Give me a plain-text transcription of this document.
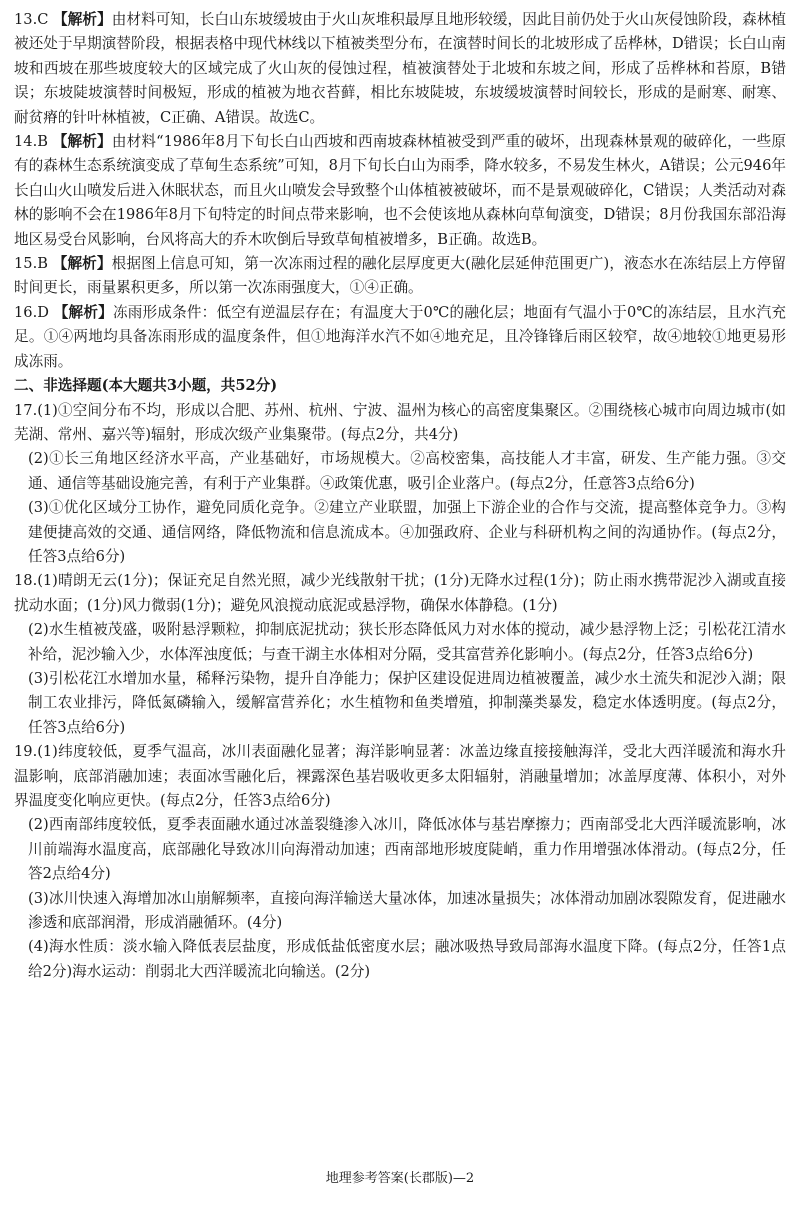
13.C 【解析】由材料可知，长白山东坡缓坡由于火山灰堆积最厚且地形较缓，因此目前仍处于火山灰侵蚀阶段，森林植被还处于早期演替阶段，根据表格中现代林线以下植被类型分布，在演替时间长的北坡形成了岳桦林，D错误；长白山南坡和西坡在那些坡度较大的区域完成了火山灰的侵蚀过程，植被演替处于北坡和东坡之间，形成了岳桦林和苔原，B错误；东坡陡坡演替时间极短，形成的植被为地衣苔藓，相比东坡陡坡，东坡缓坡演替时间较长，形成的是耐寒、耐寒、耐贫瘠的针叶林植被，C正确、A错误。故选C。

14.B 【解析】由材料“1986年8月下旬长白山西坡和西南坡森林植被受到严重的破坏，出现森林景观的破碎化，一些原有的森林生态系统演变成了草甸生态系统”可知，8月下旬长白山为雨季，降水较多，不易发生林火，A错误；公元946年长白山火山喷发后进入休眠状态，而且火山喷发会导致整个山体植被被破坏，而不是景观破碎化，C错误；人类活动对森林的影响不会在1986年8月下旬特定的时间点带来影响，也不会使该地从森林向草甸演变，D错误；8月份我国东部沿海地区易受台风影响，台风将高大的乔木吹倒后导致草甸植被增多，B正确。故选B。

15.B 【解析】根据图上信息可知，第一次冻雨过程的融化层厚度更大(融化层延伸范围更广)，液态水在冻结层上方停留时间更长，雨量累积更多，所以第一次冻雨强度大，①④正确。

16.D 【解析】冻雨形成条件：低空有逆温层存在；有温度大于0℃的融化层；地面有气温小于0℃的冻结层，且水汽充足。①④两地均具备冻雨形成的温度条件，但①地海洋水汽不如④地充足，且冷锋锋后雨区较窄，故④地较①地更易形成冻雨。

二、非选择题(本大题共3小题，共52分)

17.(1)①空间分布不均，形成以合肥、苏州、杭州、宁波、温州为核心的高密度集聚区。②围绕核心城市向周边城市(如芜湖、常州、嘉兴等)辐射，形成次级产业集聚带。(每点2分，共4分)

(2)①长三角地区经济水平高，产业基础好，市场规模大。②高校密集，高技能人才丰富，研发、生产能力强。③交通、通信等基础设施完善，有利于产业集群。④政策优惠，吸引企业落户。(每点2分，任意答3点给6分)

(3)①优化区域分工协作，避免同质化竞争。②建立产业联盟，加强上下游企业的合作与交流，提高整体竞争力。③构建便捷高效的交通、通信网络，降低物流和信息流成本。④加强政府、企业与科研机构之间的沟通协作。(每点2分，任答3点给6分)

18.(1)晴朗无云(1分)；保证充足自然光照，减少光线散射干扰；(1分)无降水过程(1分)；防止雨水携带泥沙入湖或直接扰动水面；(1分)风力微弱(1分)；避免风浪搅动底泥或悬浮物，确保水体静稳。(1分)

(2)水生植被茂盛，吸附悬浮颗粒，抑制底泥扰动；狭长形态降低风力对水体的搅动，减少悬浮物上泛；引松花江清水补给，泥沙输入少，水体浑浊度低；与查干湖主水体相对分隔，受其富营养化影响小。(每点2分，任答3点给6分)

(3)引松花江水增加水量，稀释污染物，提升自净能力；保护区建设促进周边植被覆盖，减少水土流失和泥沙入湖；限制工农业排污，降低氮磷输入，缓解富营养化；水生植物和鱼类增殖，抑制藻类暴发，稳定水体透明度。(每点2分，任答3点给6分)

19.(1)纬度较低，夏季气温高，冰川表面融化显著；海洋影响显著：冰盖边缘直接接触海洋，受北大西洋暖流和海水升温影响，底部消融加速；表面冰雪融化后，裸露深色基岩吸收更多太阳辐射，消融量增加；冰盖厚度薄、体积小，对外界温度变化响应更快。(每点2分，任答3点给6分)

(2)西南部纬度较低，夏季表面融水通过冰盖裂缝渗入冰川，降低冰体与基岩摩擦力；西南部受北大西洋暖流影响，冰川前端海水温度高，底部融化导致冰川向海滑动加速；西南部地形坡度陡峭，重力作用增强冰体滑动。(每点2分，任答2点给4分)

(3)冰川快速入海增加冰山崩解频率，直接向海洋输送大量冰体，加速冰量损失；冰体滑动加剧冰裂隙发育，促进融水渗透和底部润滑，形成消融循环。(4分)

(4)海水性质：淡水输入降低表层盐度，形成低盐低密度水层；融冰吸热导致局部海水温度下降。(每点2分，任答1点给2分)海水运动：削弱北大西洋暖流北向输送。(2分)

地理参考答案(长郡版)—2
